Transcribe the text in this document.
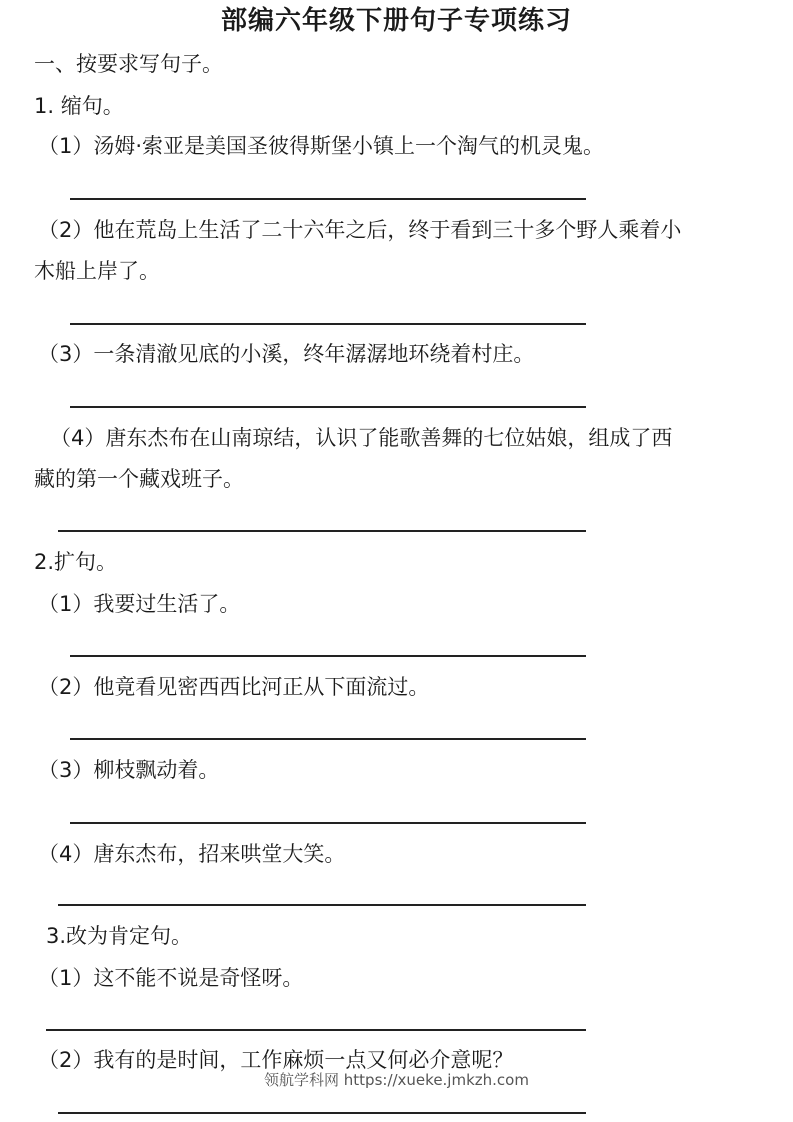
部编六年级下册句子专项练习
一、按要求写句子。
1. 缩句。
（1）汤姆·索亚是美国圣彼得斯堡小镇上一个淘气的机灵鬼。
（2）他在荒岛上生活了二十六年之后，终于看到三十多个野人乘着小
木船上岸了。
（3）一条清澈见底的小溪，终年潺潺地环绕着村庄。
（4）唐东杰布在山南琼结，认识了能歌善舞的七位姑娘，组成了西
藏的第一个藏戏班子。
2.扩句。
（1）我要过生活了。
（2）他竟看见密西西比河正从下面流过。
（3）柳枝飘动着。
（4）唐东杰布，招来哄堂大笑。
3.改为肯定句。
（1）这不能不说是奇怪呀。
（2）我有的是时间，工作麻烦一点又何必介意呢？
领航学科网 https://xueke.jmkzh.com
